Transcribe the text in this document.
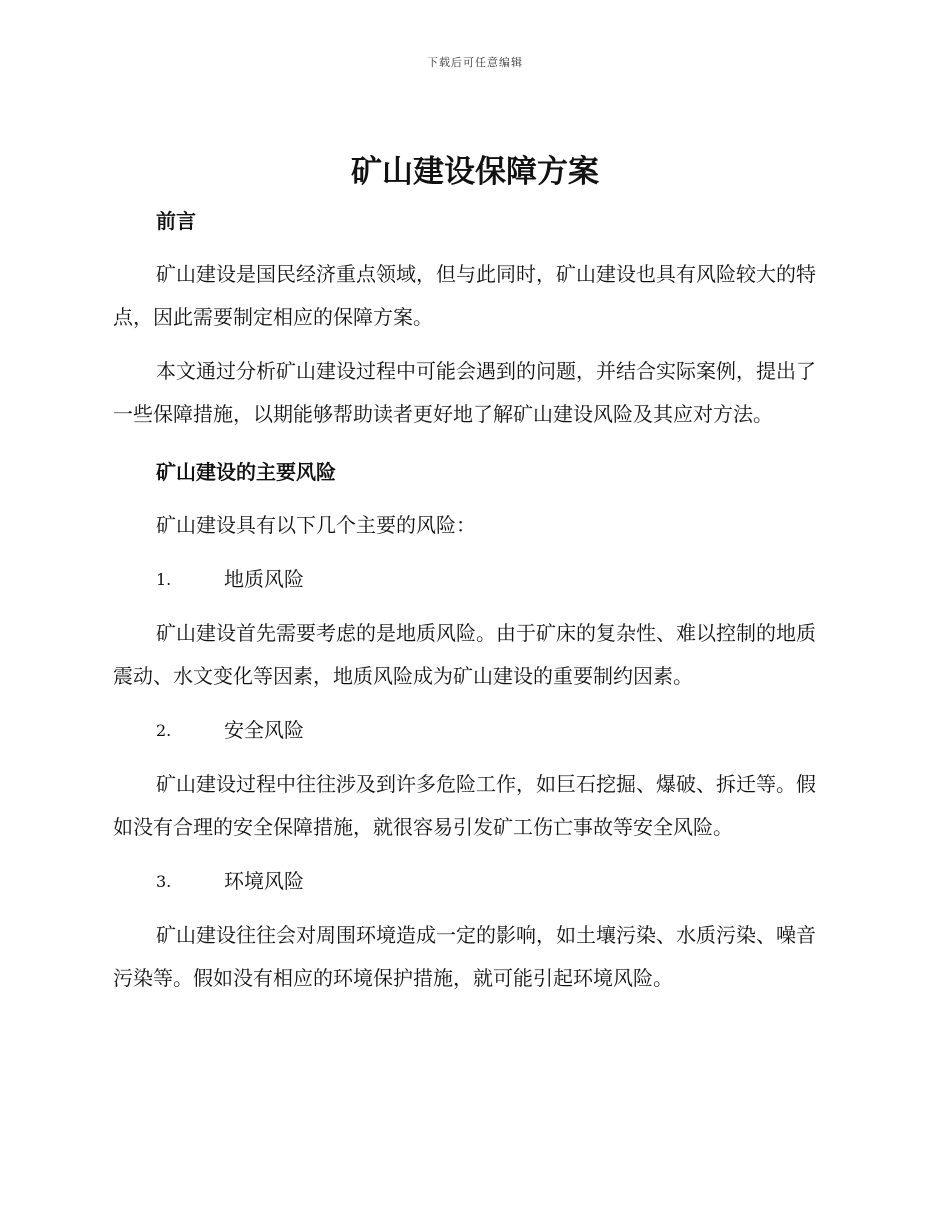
下载后可任意编辑
矿山建设保障方案

前言

矿山建设是国民经济重点领域，但与此同时，矿山建设也具有风险较大的特点，因此需要制定相应的保障方案。

本文通过分析矿山建设过程中可能会遇到的问题，并结合实际案例，提出了一些保障措施，以期能够帮助读者更好地了解矿山建设风险及其应对方法。

矿山建设的主要风险

矿山建设具有以下几个主要的风险：

1.	地质风险

矿山建设首先需要考虑的是地质风险。由于矿床的复杂性、难以控制的地质震动、水文变化等因素，地质风险成为矿山建设的重要制约因素。

2.	安全风险

矿山建设过程中往往涉及到许多危险工作，如巨石挖掘、爆破、拆迁等。假如没有合理的安全保障措施，就很容易引发矿工伤亡事故等安全风险。

3.	环境风险

矿山建设往往会对周围环境造成一定的影响，如土壤污染、水质污染、噪音污染等。假如没有相应的环境保护措施，就可能引起环境风险。
